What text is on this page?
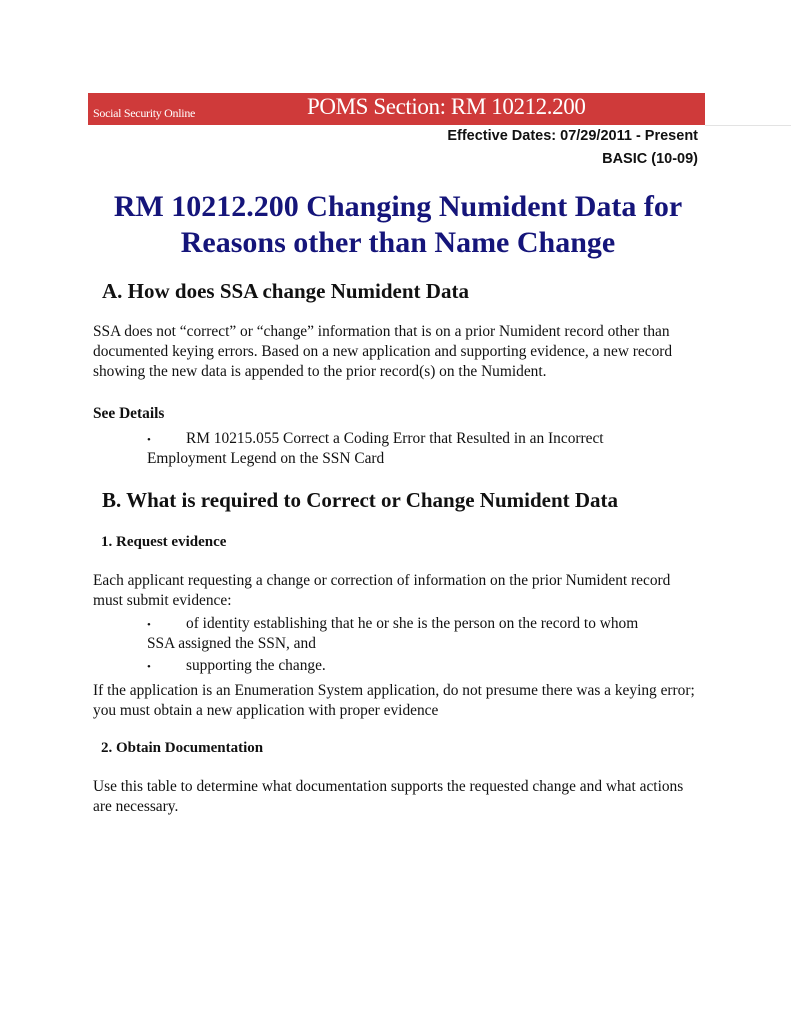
Social Security Online	POMS Section: RM 10212.200
Effective Dates: 07/29/2011 - Present
BASIC (10-09)
RM 10212.200 Changing Numident Data for Reasons other than Name Change
A. How does SSA change Numident Data

SSA does not “correct” or “change” information that is on a prior Numident record other than documented keying errors. Based on a new application and supporting evidence, a new record showing the new data is appended to the prior record(s) on the Numident.

See Details
• RM 10215.055 Correct a Coding Error that Resulted in an Incorrect Employment Legend on the SSN Card
B. What is required to Correct or Change Numident Data
1. Request evidence

Each applicant requesting a change or correction of information on the prior Numident record must submit evidence:

• of identity establishing that he or she is the person on the record to whom SSA assigned the SSN, and
• supporting the change.

If the application is an Enumeration System application, do not presume there was a keying error; you must obtain a new application with proper evidence

2. Obtain Documentation

Use this table to determine what documentation supports the requested change and what actions are necessary.
